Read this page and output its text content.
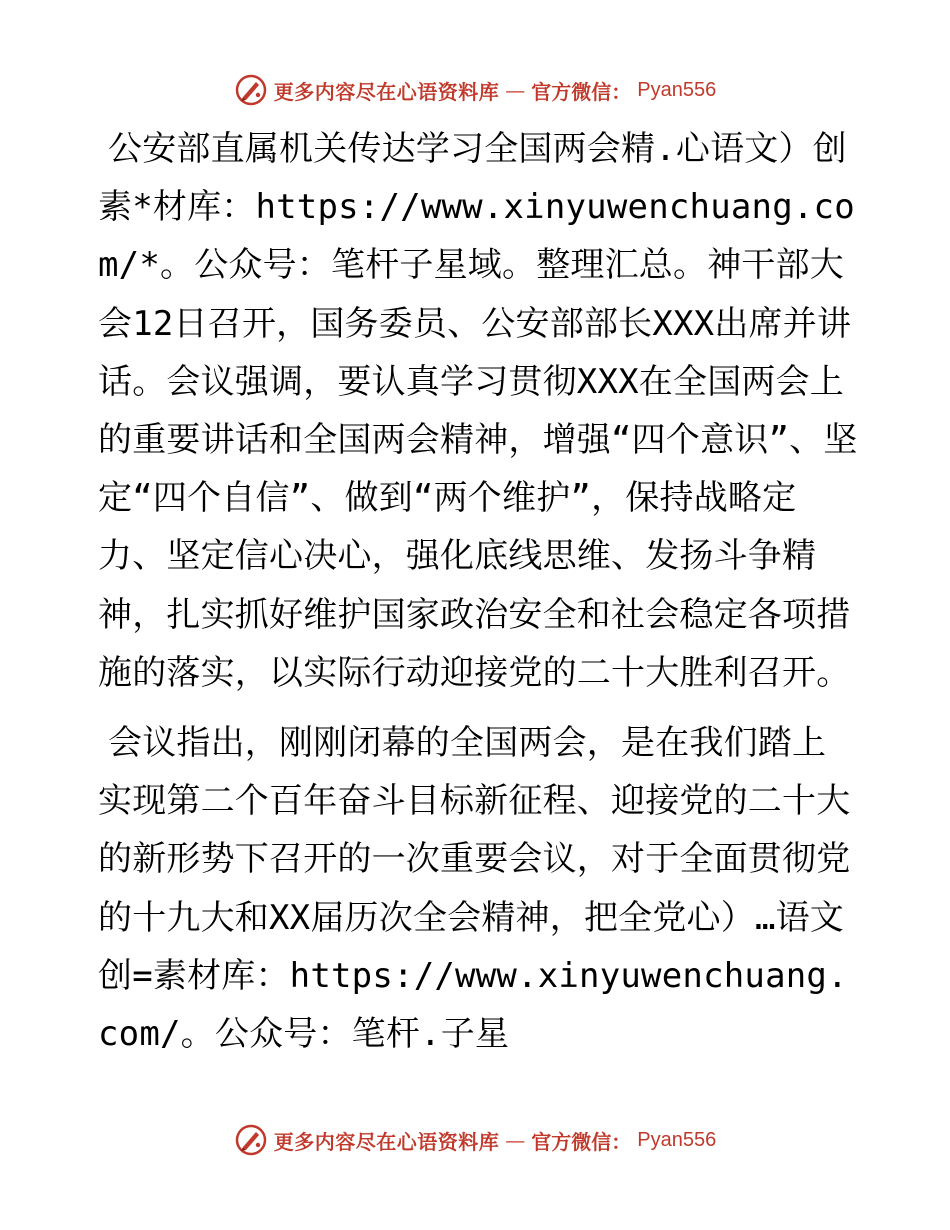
更多内容尽在心语资料库 — 官方微信： Pyan556

公安部直属机关传达学习全国两会精.心语文）创素*材库：https://www.xinyuwenchuang.com/*。公众号：笔杆子星域。整理汇总。神干部大会12日召开，国务委员、公安部部长XXX出席并讲话。会议强调，要认真学习贯彻XXX在全国两会上的重要讲话和全国两会精神，增强“四个意识”、坚定“四个自信”、做到“两个维护”，保持战略定力、坚定信心决心，强化底线思维、发扬斗争精神，扎实抓好维护国家政治安全和社会稳定各项措施的落实，以实际行动迎接党的二十大胜利召开。

会议指出，刚刚闭幕的全国两会，是在我们踏上实现第二个百年奋斗目标新征程、迎接党的二十大的新形势下召开的一次重要会议，对于全面贯彻党的十九大和XX届历次全会精神，把全党心）…语文创=素材库：https://www.xinyuwenchuang.com/。公众号：笔杆.子星

更多内容尽在心语资料库 — 官方微信： Pyan556
